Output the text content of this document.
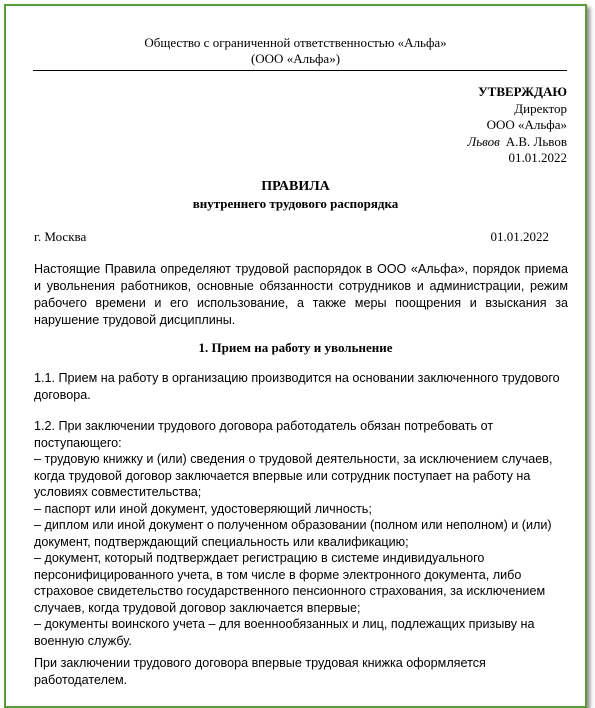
Общество с ограниченной ответственностью «Альфа»
(ООО «Альфа»)
УТВЕРЖДАЮ
Директор
ООО «Альфа»
Львов А.В. Львов
01.01.2022
ПРАВИЛА
внутреннего трудового распорядка
г. Москва	01.01.2022
Настоящие Правила определяют трудовой распорядок в ООО «Альфа», порядок приема и увольнения работников, основные обязанности сотрудников и администрации, режим рабочего времени и его использование, а также меры поощрения и взыскания за нарушение трудовой дисциплины.
1. Прием на работу и увольнение
1.1. Прием на работу в организацию производится на основании заключенного трудового договора.

1.2. При заключении трудового договора работодатель обязан потребовать от

поступающего:

– трудовую книжку и (или) сведения о трудовой деятельности, за исключением случаев,

когда трудовой договор заключается впервые или сотрудник поступает на работу на

условиях совместительства;

– паспорт или иной документ, удостоверяющий личность;

– диплом или иной документ о полученном образовании (полном или неполном) и (или)

документ, подтверждающий специальность или квалификацию;

– документ, который подтверждает регистрацию в системе индивидуального

персонифицированного учета, в том числе в форме электронного документа, либо

страховое свидетельство государственного пенсионного страхования, за исключением

случаев, когда трудовой договор заключается впервые;

– документы воинского учета – для военнообязанных и лиц, подлежащих призыву на

военную службу.

При заключении трудового договора впервые трудовая книжка оформляется

работодателем.
